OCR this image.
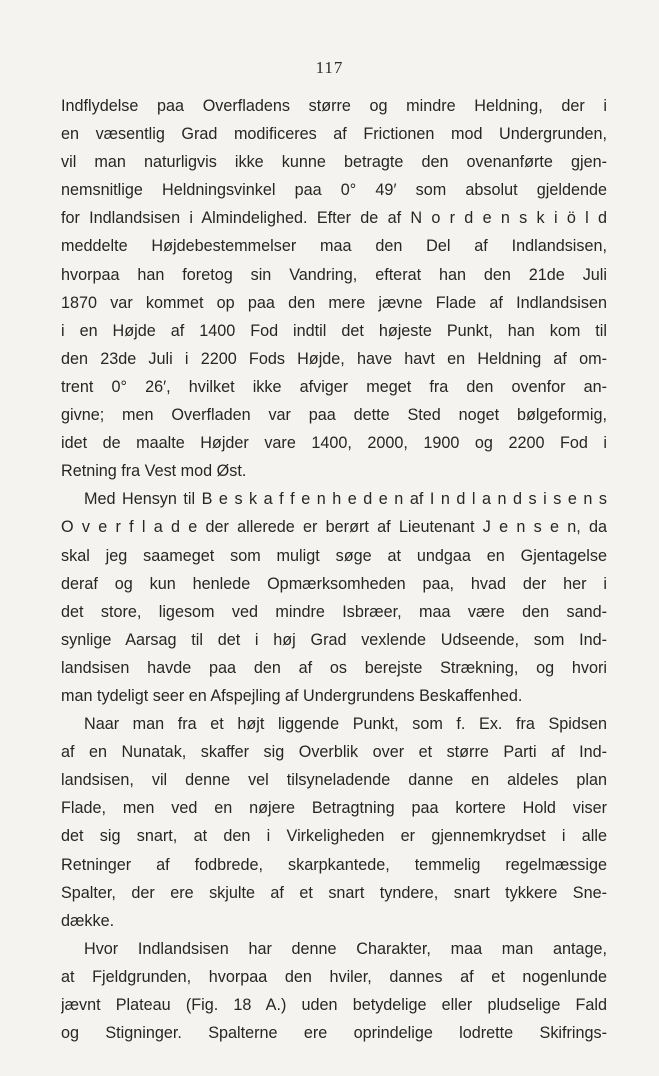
117
Indflydelse paa Overfladens større og mindre Heldning, der i
en væsentlig Grad modificeres af Frictionen mod Undergrunden,
vil man naturligvis ikke kunne betragte den ovenanførte gjen-
nemsnitlige Heldningsvinkel paa 0° 49′ som absolut gjeldende
for Indlandsisen i Almindelighed. Efter de af N o r d e n s k i ö l d
meddelte Højdebestemmelser maa den Del af Indlandsisen,
hvorpaa han foretog sin Vandring, efterat han den 21de Juli
1870 var kommet op paa den mere jævne Flade af Indlandsisen
i en Højde af 1400 Fod indtil det højeste Punkt, han kom til
den 23de Juli i 2200 Fods Højde, have havt en Heldning af om-
trent 0° 26′, hvilket ikke afviger meget fra den ovenfor an-
givne; men Overfladen var paa dette Sted noget bølgeformig,
idet de maalte Højder vare 1400, 2000, 1900 og 2200 Fod i
Retning fra Vest mod Øst.
Med Hensyn til B e s k a f f e n h e d e n af I n d l a n d s i s e n s
O v e r f l a d e der allerede er berørt af Lieutenant J e n s e n, da
skal jeg saameget som muligt søge at undgaa en Gjentagelse
deraf og kun henlede Opmærksomheden paa, hvad der her i
det store, ligesom ved mindre Isbræer, maa være den sand-
synlige Aarsag til det i høj Grad vexlende Udseende, som Ind-
landsisen havde paa den af os berejste Strækning, og hvori
man tydeligt seer en Afspejling af Undergrundens Beskaffenhed.
Naar man fra et højt liggende Punkt, som f. Ex. fra Spidsen
af en Nunatak, skaffer sig Overblik over et større Parti af Ind-
landsisen, vil denne vel tilsyneladende danne en aldeles plan
Flade, men ved en nøjere Betragtning paa kortere Hold viser
det sig snart, at den i Virkeligheden er gjennemkrydset i alle
Retninger af fodbrede, skarpkantede, temmelig regelmæssige
Spalter, der ere skjulte af et snart tyndere, snart tykkere Sne-
dække.
Hvor Indlandsisen har denne Charakter, maa man antage,
at Fjeldgrunden, hvorpaa den hviler, dannes af et nogenlunde
jævnt Plateau (Fig. 18 A.) uden betydelige eller pludselige Fald
og Stigninger. Spalterne ere oprindelige lodrette Skifrings-
